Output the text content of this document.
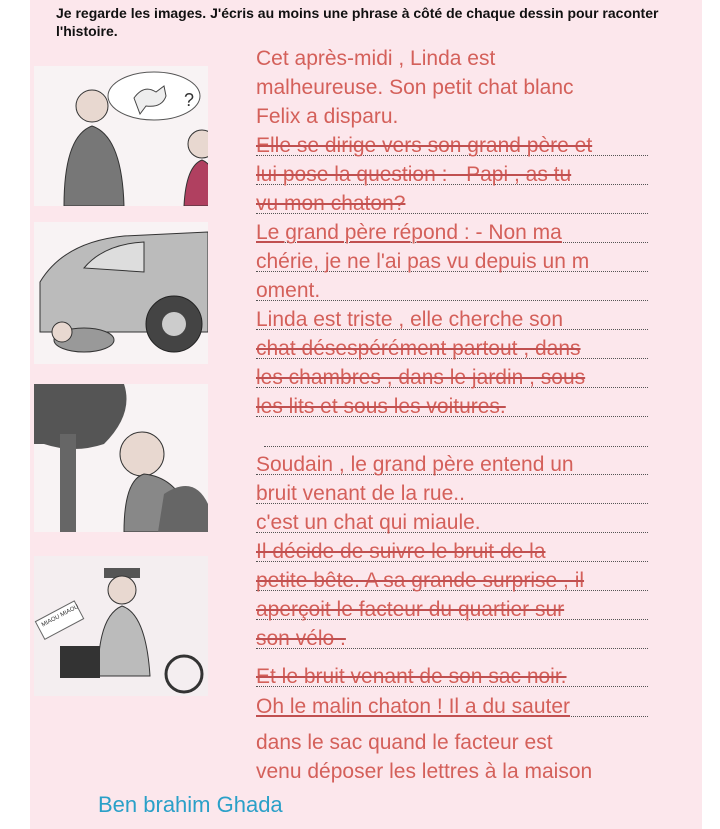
Je regarde les images. J'écris au moins une phrase à côté de chaque dessin pour raconter l'histoire.
?
MIAOU MIAOU
Cet après-midi , Linda est
malheureuse. Son petit chat blanc
Felix a disparu.
Elle se dirige vers son grand père et
lui pose la question : - Papi , as tu
vu mon chaton?
Le grand père répond : - Non ma
chérie, je ne l'ai pas vu depuis un m
oment.
Linda est triste , elle cherche son
chat désespérément partout , dans
les chambres , dans le jardin , sous
les lits et sous les voitures.
Soudain , le grand père entend un
bruit venant de la rue..
c'est un chat qui miaule.
Il décide de suivre le bruit de la
petite bête. A sa grande surprise , il
aperçoit le facteur du quartier sur
son vélo .
Et le bruit venant de son sac noir.
Oh le malin chaton ! Il a du sauter
dans le sac quand le facteur est
venu déposer les lettres à la maison
Ben brahim Ghada
